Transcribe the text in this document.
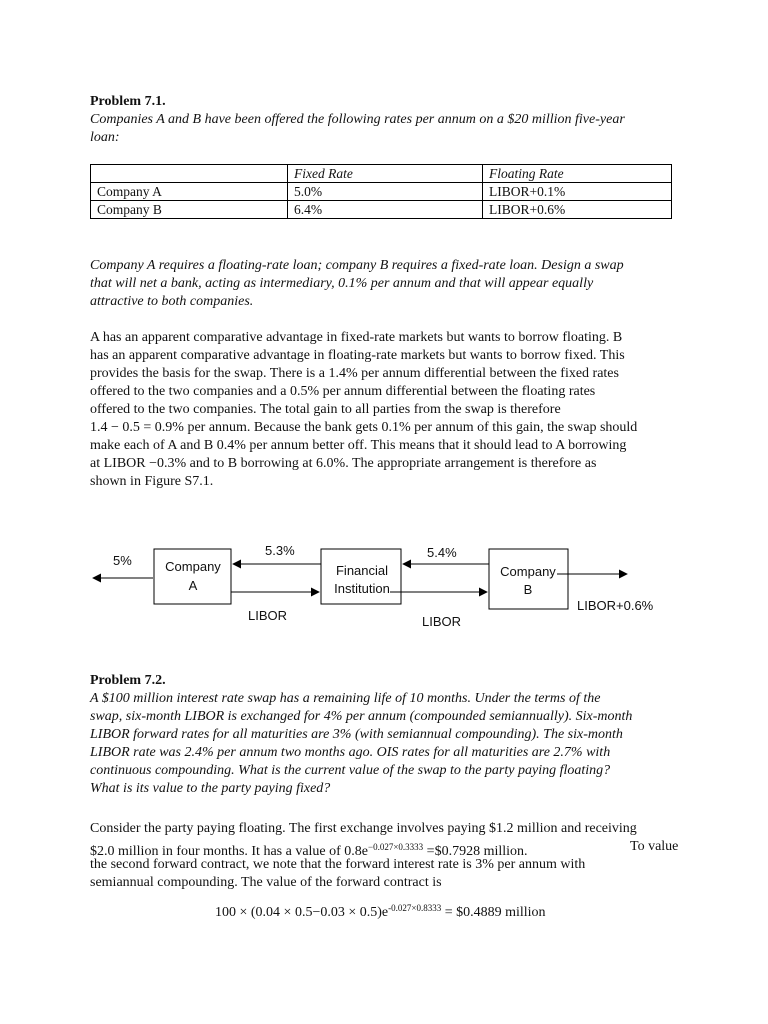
Problem 7.1.
Companies A and B have been offered the following rates per annum on a $20 million five-year
loan:
	Fixed Rate	Floating Rate
Company A	5.0%	LIBOR+0.1%
Company B	6.4%	LIBOR+0.6%
Company A requires a floating-rate loan; company B requires a fixed-rate loan. Design a swap
that will net a bank, acting as intermediary, 0.1% per annum and that will appear equally
attractive to both companies.
A has an apparent comparative advantage in fixed-rate markets but wants to borrow floating. B
has an apparent comparative advantage in floating-rate markets but wants to borrow fixed. This
provides the basis for the swap. There is a 1.4% per annum differential between the fixed rates
offered to the two companies and a 0.5% per annum differential between the floating rates
offered to the two companies. The total gain to all parties from the swap is therefore
1.4 − 0.5 = 0.9% per annum. Because the bank gets 0.1% per annum of this gain, the swap should
make each of A and B 0.4% per annum better off. This means that it should lead to A borrowing
at LIBOR −0.3% and to B borrowing at 6.0%. The appropriate arrangement is therefore as
shown in Figure S7.1.
Company
A
Financial
Institution
Company
B
5%
5.3%
LIBOR
5.4%
LIBOR
LIBOR+0.6%
Problem 7.2.
A $100 million interest rate swap has a remaining life of 10 months. Under the terms of the
swap, six-month LIBOR is exchanged for 4% per annum (compounded semiannually). Six-month
LIBOR forward rates for all maturities are 3% (with semiannual compounding). The six-month
LIBOR rate was 2.4% per annum two months ago. OIS rates for all maturities are 2.7% with
continuous compounding. What is the current value of the swap to the party paying floating?
What is its value to the party paying fixed?
Consider the party paying floating. The first exchange involves paying $1.2 million and receiving
$2.0 million in four months. It has a value of $0.8e^{-0.027\times 0.3333}$ =$0.7928 million.	To value
the second forward contract, we note that the forward interest rate is 3% per annum with
semiannual compounding. The value of the forward contract is
$100 \times (0.04 \times 0.5-0.03 \times 0.5)e^{-0.027\times 0.8333}$ = $0.4889 million
